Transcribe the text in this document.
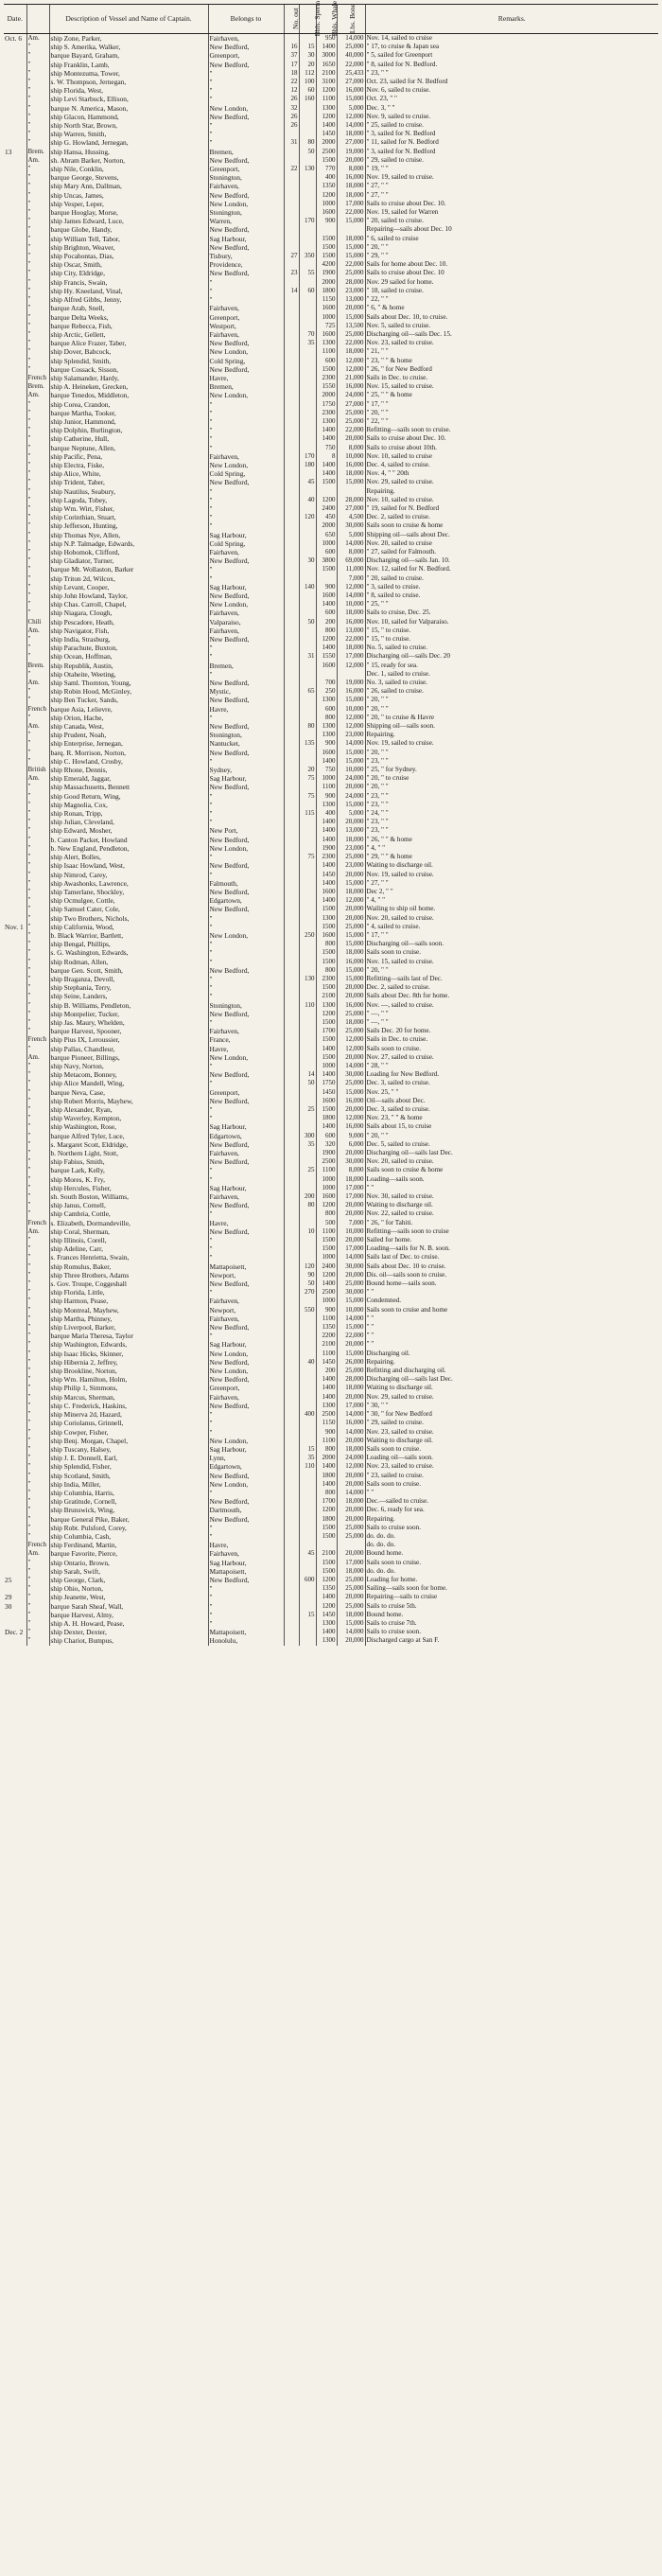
Date.		Description of Vessel and Name of Captain.	Belongs to	No. out	Bbls. Sperm	Bbls. Whale	Lbs. Bone	Remarks.
Oct. 6	Am.	ship Zone, Parker,	Fairhaven,			950	14,000	Nov. 14, sailed to cruise
	"	ship S. Amerika, Walker,	New Bedford,	16	15	1400	25,000	" 17, to cruise & Japan sea
	"	barque Bayard, Graham,	Greenport,	37	30	3000	40,000	" 5, sailed for Greenport
	"	ship Franklin, Lamb,	New Bedford,	17	20	1650	22,000	" 8, sailed for N. Bedford.
	"	ship Montezuma, Tower,	"	18	112	2100	25,433	" 23, " "
	"	s. W. Thompson, Jernegan,	"	22	100	3100	27,000	Oct. 23, sailed for N. Bedford
	"	ship Florida, West,	"	12	60	1200	16,000	Nov. 6, sailed to cruise.
	"	ship Levi Starbuck, Ellison,	"	26	160	1100	15,000	Oct. 23, " "
	"	barque N. America, Mason,	New London,	32		1300	5,000	Dec. 3, " "
	"	ship Glacon, Hammond,	New Bedford,	26		1200	12,000	Nov. 9, sailed to cruise.
	"	ship North Star, Brown,	"	26		1400	14,000	" 25, sailed to cruise.
	"	ship Warren, Smith,	"			1450	18,000	" 3, sailed for N. Bedford
	"	ship G. Howland, Jernegan,	"	31	80	2000	27,000	" 11, sailed for N. Bedford
13	Brem.	ship Hansa, Hussing,	Bremen,		50	2500	19,000	" 3, sailed for N. Bedford
	Am.	sh. Abram Barker, Norton,	New Bedford,			1500	20,000	" 29, sailed to cruise.
	"	ship Nile, Conklin,	Greenport,	22	130	770	8,000	" 19, " "
	"	barque George, Stevens,	Stonington,			400	16,000	Nov. 19, sailed to cruise.
	"	ship Mary Ann, Dallman,	Fairhaven,			1350	18,000	" 27, " "
	"	ship Uncas, James,	New Bedford,			1200	18,000	" 27, " "
	"	ship Vesper, Leper,	New London,			1000	17,000	Sails to cruise about Dec. 10.
	"	barque Hooglay, Morse,	Stonington,			1600	22,000	Nov. 19, sailed for Warren
	"	ship James Edward, Luce,	Warren,		170	900	15,000	" 20, sailed to cruise.
	"	barque Globe, Handy,	New Bedford,					Repairing—sails about Dec. 10
	"	ship William Tell, Tabor,	Sag Harbour,			1500	18,000	" 6, sailed to cruise
	"	ship Brighton, Weaver,	New Bedford,			1500	15,000	" 20, " "
	"	ship Pocahontas, Dias,	Tisbury,	27	350	1500	15,000	" 29, " "
	"	ship Oscar, Smith,	Providence,			4200	22,000	Sails for home about Dec. 10.
	"	ship City, Eldridge,	New Bedford,	23	55	1900	25,000	Sails to cruise about Dec. 10
	"	ship Francis, Swain,	"			2000	28,000	Nov. 29 sailed for home.
	"	ship Hy. Kneeland, Vinal,	"	14	60	1800	23,000	" 18, sailed to cruise.
	"	ship Alfred Gibbs, Jenny,	"			1150	13,000	" 22, " "
	"	barque Arab, Snell,	Fairhaven,			1600	20,000	" 6, " & home
	"	barque Delta Weeks,	Greenport,			1000	15,000	Sails about Dec. 10, to cruise.
	"	barque Rebecca, Fish,	Westport,			725	13,500	Nov. 5, sailed to cruise.
	"	ship Arctic, Gellett,	Fairhaven,		70	1600	25,000	Discharging oil—sails Dec. 15.
	"	barque Alice Frazer, Taber,	New Bedford,		35	1300	22,000	Nov. 23, sailed to cruise.
	"	ship Dover, Babcock,	New London,			1100	18,000	" 21, " "
	"	ship Splendid, Smith,	Cold Spring,			600	12,000	" 23, " " & home
	"	barque Cossack, Sisson,	New Bedford,			1500	12,000	" 26, " for New Bedford
	French	ship Salamander, Hardy,	Havre,			2300	21,000	Sails in Dec. to cruise.
	Brem.	ship A. Heineken, Grecken,	Bremen,			1550	16,000	Nov. 15, sailed to cruise.
	Am.	barque Tenedos, Middleton,	New London,			2000	24,000	" 25, " " & home
	"	ship Corea, Crandon,	"			1750	27,000	" 17, " "
	"	barque Martha, Tooker,	"			2300	25,000	" 20, " "
	"	ship Junior, Hammond,	"			1300	25,000	" 22, " "
	"	ship Dolphin, Burlington,	"			1400	22,000	Refitting—sails soon to cruise.
	"	ship Catherine, Hull,	"			1400	20,000	Sails to cruise about Dec. 10.
	"	barque Neptune, Allen,	"			750	8,000	Sails to cruise about 10th.
	"	ship Pacific, Pena,	Fairhaven,		170	8	10,000	Nov. 10, sailed to cruise
	"	ship Electra, Fiske,	New London,		180	1400	16,000	Dec. 4, sailed to cruise.
	"	ship Alice, White,	Cold Spring,			1400	18,000	Nov. 4, " " 20th
	"	ship Trident, Taber,	New Bedford,		45	1500	15,000	Nov. 29, sailed to cruise.
	"	ship Nautilus, Seabury,	"					Repairing.
	"	ship Lagoda, Tobey,	"		40	1200	28,000	Nov. 10, sailed to cruise.
	"	ship Wm. Wirt, Fisher,	"			2400	27,000	" 19, sailed for N. Bedford
	"	ship Corinthian, Stuart,	"		120	450	4,500	Dec. 2, sailed to cruise.
	"	ship Jefferson, Hunting,	"			2000	30,000	Sails soon to cruise & home
	"	ship Thomas Nye, Allen,	Sag Harbour,			650	5,000	Shipping oil—sails about Dec.
	"	ship N.P. Talmadge, Edwards,	Cold Spring,			1000	14,000	Nov. 20, sailed to cruise
	"	ship Hobomok, Clifford,	Fairhaven,			600	8,000	" 27, sailed for Falmouth.
	"	ship Gladiator, Turner,	New Bedford,		30	3800	69,000	Discharging oil—sails Jan. 10.
	"	barque Mt. Wollaston, Barker	"			1500	11,000	Nov. 12, sailed for N. Bedford.
	"	ship Triton 2d, Wilcox,	"				7,000	" 20, sailed to cruise.
	"	ship Levant, Cooper,	Sag Harbour,		140	900	12,000	" 3, sailed to cruise.
	"	ship John Howland, Taylor,	New Bedford,			1600	14,000	" 8, sailed to cruise.
	"	ship Chas. Carroll, Chapel,	New London,			1400	10,000	" 25, " "
	"	ship Niagara, Clough,	Fairhaven,			600	18,000	Sails to cruise, Dec. 25.
	Chili	ship Pescadore, Heath,	Valparaiso,		50	200	16,000	Nov. 10, sailed for Valparaiso.
	Am.	ship Navigator, Fish,	Fairhaven,			800	13,000	" 15, " to cruise.
	"	ship India, Strasburg,	New Bedford,			1200	22,000	" 15, " to cruise.
	"	ship Parachute, Buxton,	"			1400	18,000	No. 5, sailed to cruise.
	"	ship Ocean, Hoffman,	"		31	1550	17,000	Discharging oil—sails Dec. 20
	Brem.	ship Republik, Austin,	Bremen,			1600	12,000	" 15, ready for sea.
	"	ship Otaheite, Weeting,	"					Dec. 1, sailed to cruise.
	Am.	ship Saml. Thornton, Young,	New Bedford,			700	19,000	No. 3, sailed to cruise.
	"	ship Robin Hood, McGinley,	Mystic,		65	250	16,000	" 26, sailed to cruise.
	"	ship Ben Tucker, Sands,	New Bedford,			1300	15,000	" 20, " "
	French	barque Asia, Lelievre,	Havre,			600	10,000	" 20, " "
	"	ship Orion, Hache,	"			800	12,000	" 20, " to cruise & Havre
	Am.	ship Canada, West,	New Bedford,		80	1300	12,000	Shipping oil—sails soon.
	"	ship Prudent, Noah,	Stonington,			1300	23,000	Repairing.
	"	ship Enterprise, Jernegan,	Nantucket,		135	900	14,000	Nov. 19, sailed to cruise.
	"	barq. R. Morrison, Norton,	New Bedford,			1600	15,000	" 20, " "
	"	ship C. Howland, Crosby,	"			1400	15,000	" 23, " "
	British	ship Rhone, Dennis,	Sydney,		20	750	10,000	" 25, " for Sydney.
	Am.	ship Emerald, Jaggar,	Sag Harbour,		75	1000	24,000	" 20, " to cruise
	"	ship Massachusetts, Bennett	New Bedford,			1100	20,000	" 20, " "
	"	ship Good Return, Wing,	"		75	900	24,000	" 23, " "
	"	ship Magnolia, Cox,	"			1300	15,000	" 23, " "
	"	ship Ronan, Tripp,	"		115	400	5,000	" 24, " "
	"	ship Julian, Cleveland,	"			1400	20,000	" 23, " "
	"	ship Edward, Mosher,	New Port,			1400	13,000	" 23, " "
	"	b. Canton Packet, Howland	New Bedford,			1400	18,000	" 26, " " & home
	"	b. New England, Pendleton,	New London,			1900	23,000	" 4, " "
	"	ship Alert, Bolles,	"		75	2300	25,000	" 29, " " & home
	"	ship Isaac Howland, West,	New Bedford,			1400	23,000	Waiting to discharge oil.
	"	ship Nimrod, Carey,	"			1450	20,000	Nov. 19, sailed to cruise.
	"	ship Awashonks, Lawrence,	Falmouth,			1400	15,000	" 27, " "
	"	ship Tamerlane, Shockley,	New Bedford,			1600	18,000	Dec 2, " "
	"	ship Ocmulgee, Cottle,	Edgartown,			1400	12,000	" 4, " "
	"	ship Samuel Cater, Cole,	New Bedford,			1500	20,000	Wailing to ship oil home.
	"	ship Two Brothers, Nichols,	"			1300	20,000	Nov. 20, sailed to cruise.
Nov. 1	"	ship California, Wood,	"			1500	25,000	" 4, sailed to cruise.
	"	b. Black Warrior, Bartlett,	New London,		250	1600	15,000	" 17, " "
	"	ship Bengal, Phillips,	"			800	15,000	Discharging oil—sails soon.
	"	s. G. Washington, Edwards,	"			1500	18,000	Sails soon to cruise.
	"	ship Rodman, Allen,	"			1500	16,000	Nov. 15, sailed to cruise.
	"	barque Gen. Scott, Smith,	New Bedford,			800	15,000	" 20, " "
	"	ship Braganza, Devoll,	"		130	2300	15,000	Refitting—sails last of Dec.
	"	ship Stephania, Terry,	"			1500	20,000	Dec. 2, sailed to cruise.
	"	ship Seine, Landers,	"			2100	20,000	Sails about Dec. 8th for home.
	"	ship B. Williams, Pendleton,	Stonington,		110	1300	16,000	Nov. —, sailed to cruise.
	"	ship Montpelier, Tucker,	New Bedford,			1200	25,000	" —, " "
	"	ship Jas. Maury, Whelden,	"			1500	18,000	" —, " "
	"	barque Harvest, Spooner,	Fairhaven,			1700	25,000	Sails Dec. 20 for home.
	French	ship Pius IX, Leroussier,	France,			1500	12,000	Sails in Dec. to cruise.
	"	ship Pallas, Chandleur,	Havre,			1400	12,000	Sails soon to cruise.
	Am.	barque Pioneer, Billings,	New London,			1500	20,000	Nov. 27, sailed to cruise.
	"	ship Navy, Norton,	"			1000	14,000	" 28, " "
	"	ship Metacom, Bonney,	New Bedford,		14	1400	30,000	Loading for New Bedford.
	"	ship Alice Mandell, Wing,	"		50	1750	25,000	Dec. 3, sailed to cruise.
	"	barque Neva, Case,	Greenport,			1450	15,000	Nov. 25, " "
	"	ship Robert Morris, Mayhew,	New Bedford,			1600	16,000	Oil—sails about Dec.
	"	ship Alexander, Ryan,	"		25	1500	20,000	Dec. 3, sailed to cruise.
	"	ship Waverley, Kempton,	"			1800	12,000	Nov. 23, " " & home
	"	ship Washington, Rose,	Sag Harbour,			1400	16,000	Sails about 15, to cruise
	"	barque Alfred Tyler, Luce,	Edgartown,		300	600	9,000	" 20, " "
	"	s. Margaret Scott, Eldridge,	New Bedford,		35	320	6,000	Dec. 5, sailed to cruise.
	"	b. Northern Light, Stott,	Fairhaven,			1900	20,000	Discharging oil—sails last Dec.
	"	ship Fabius, Smith,	New Bedford,			2500	30,000	Nov. 20, sailed to cruise.
	"	barque Lark, Kelly,	"		25	1100	8,000	Sails soon to cruise & home
	"	ship Mores, K. Fry,	"			1000	18,000	Loading—sails soon.
	"	ship Hercules, Fisher,	Sag Harbour,			1000	17,000	" "
	"	sh. South Boston, Williams,	Fairhaven,		200	1600	17,000	Nov. 30, sailed to cruise.
	"	ship Janus, Cornell,	New Bedford,		80	1200	20,000	Waiting to discharge oil.
	"	ship Cambria, Cottle,	"			800	20,000	Nov. 22, sailed to cruise.
	French	s. Elizabeth, Dormandeville,	Havre,			500	7,000	" 26, " for Tahiti.
	Am.	ship Coral, Sherman,	New Bedford,		10	1100	10,000	Refitting—sails soon to cruise
	"	ship Illinois, Corell,	"			1500	20,000	Sailed for home.
	"	ship Adeline, Carr,	"			1500	17,000	Loading—sails for N. B. soon.
	"	s. Frances Henrietta, Swain,	"			1000	14,000	Sails last of Dec. to cruise.
	"	ship Romulus, Baker,	Mattapoisett,		120	2400	30,000	Sails about Dec. 10 to cruise.
	"	ship Three Brothers, Adams	Newport,		90	1200	20,000	Dis. oil—sails soon to cruise.
	"	s. Gov. Troupe, Coggeshall	New Bedford,		50	1400	25,000	Bound home—sails soon.
	"	ship Florida, Little,	"		270	2500	30,000	" "
	"	ship Harmon, Pease,	Fairhaven,			1000	15,000	Condemned.
	"	ship Montreal, Mayhew,	Newport,		550	900	10,000	Sails soon to cruise and home
	"	ship Martha, Phinney,	Fairhaven,			1100	14,000	" "
	"	ship Liverpool, Barker,	New Bedford,			1350	15,000	" "
	"	barque Maria Theresa, Taylor	"			2200	22,000	" "
	"	ship Washington, Edwards,	Sag Harbour,			2100	20,000	" "
	"	ship Isaac Hicks, Skinner,	New London,			1100	15,000	Discharging oil.
	"	ship Hibernia 2, Jeffrey,	New Bedford,		40	1450	26,000	Repairing.
	"	ship Brookline, Norton,	New London,			200	25,000	Refitting and discharging oil.
	"	ship Wm. Hamilton, Holm,	New Bedford,			1400	28,000	Discharging oil—sails last Dec.
	"	ship Philip 1, Simmons,	Greenport,			1400	18,000	Waiting to discharge oil.
	"	ship Marcus, Sherman,	Fairhaven,			1400	20,000	Nov. 29, sailed to cruise.
	"	ship C. Frederick, Haskins,	New Bedford,			1300	17,000	" 30, " "
	"	ship Minerva 2d, Hazard,	"		400	2500	14,000	" 30, " for New Bedford
	"	ship Coriolanus, Grinnell,	"			1150	16,000	" 29, sailed to cruise.
	"	ship Cowper, Fisher,	"			900	14,000	Nov. 23, sailed to cruise.
	"	ship Benj. Morgan, Chapel,	New London,			1100	20,000	Waiting to discharge oil.
	"	ship Tuscany, Halsey,	Sag Harbour,		15	800	18,000	Sails soon to cruise.
	"	ship J. E. Donnell, Earl,	Lynn,		35	2000	24,000	Loading oil—sails soon.
	"	ship Splendid, Fisher,	Edgartown,		110	1400	12,000	Nov. 23, sailed to cruise.
	"	ship Scotland, Smith,	New Bedford,			1800	20,000	" 23, sailed to cruise.
	"	ship India, Miller,	New London,			1400	20,000	Sails soon to cruise.
	"	ship Columbia, Harris,	"			800	14,000	" "
	"	ship Gratitude, Cornell,	New Bedford,			1700	18,000	Dec.—sailed to cruise.
	"	ship Brunswick, Wing,	Dartmouth,			1200	20,000	Dec. 6, ready for sea.
	"	barque General Pike, Baker,	New Bedford,			1800	20,000	Repairing.
	"	ship Robt. Pulsford, Corey,	"			1500	25,000	Sails to cruise soon.
	"	ship Columbia, Cash,	"			1500	25,000	do. do. do.
	French	ship Ferdinand, Martin,	Havre,					do. do. do.
	Am.	barque Favorite, Pierce,	Fairhaven,		45	2100	20,000	Bound home.
	"	ship Ontario, Brown,	Sag Harbour,			1500	17,000	Sails soon to cruise.
	"	ship Sarah, Swift,	Mattapoisett,			1500	18,000	do. do. do.
25	"	ship George, Clark,	New Bedford,		600	1200	25,000	Loading for home.
	"	ship Ohio, Norton,	"			1350	25,000	Sailing—sails soon for home.
29	"	ship Jeanette, West,	"			1400	20,000	Repairing—sails to cruise
30	"	barque Sarah Sheaf, Wall,	"			1200	25,000	Sails to cruise 5th.
	"	barque Harvest, Almy,	"		15	1450	18,000	Bound home.
	"	ship A. H. Howard, Pease,	"			1300	15,000	Sails to cruise 7th.
Dec. 2	"	ship Dexter, Dexter,	Mattapoisett,			1400	14,000	Sails to cruise soon.
	"	ship Chariot, Bumpus,	Honolulu,			1300	20,000	Discharged cargo at San F.
